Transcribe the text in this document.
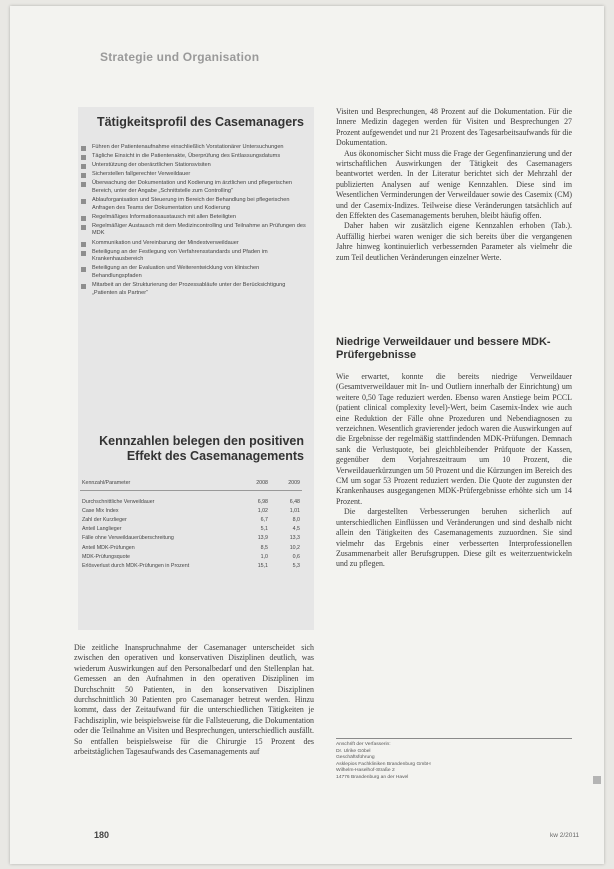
Strategie und Organisation
Tätigkeitsprofil des Casemanagers
Führen der Patientenaufnahme einschließlich Vorstationärer Untersuchungen
Tägliche Einsicht in die Patientenakte, Überprüfung des Entlassungsdatums
Unterstützung der oberärztlichen Stationsvisiten
Sicherstellen fallgerechter Verweildauer
Überwachung der Dokumentation und Kodierung im ärztlichen und pflegerischen Bereich, unter der Angabe „Schnittstelle zum Controlling“
Ablauforganisation und Steuerung im Bereich der Behandlung bei pflegerischen Anfragen des Teams der Dokumentation und Kodierung
Regelmäßiges Informationsaustausch mit allen Beteiligten
Regelmäßiger Austausch mit dem Medizincontrolling und Teilnahme an Prüfungen des MDK
Kommunikation und Vereinbarung der Mindestverweildauer
Beteiligung an der Festlegung von Verfahrensstandards und Pfaden im Krankenhausbereich
Beteiligung an der Evaluation und Weiterentwicklung von klinischen Behandlungspfaden
Mitarbeit an der Strukturierung der Prozessabläufe unter der Berücksichtigung „Patienten als Partner“
Kennzahlen belegen den positiven Effekt des Casemanagements
Kennzahl/Parameter	2008	2009
Durchschnittliche Verweildauer	6,98	6,48
Case Mix Index	1,02	1,01
Zahl der Kurzlieger	6,7	8,0
Anteil Langlieger	5,1	4,5
Fälle ohne Verweildauerüberschreitung	13,9	13,3
Anteil MDK-Prüfungen	8,5	10,2
MDK-Prüfungsquote	1,0	0,6
Erlösverlust durch MDK-Prüfungen in Prozent	15,1	5,3

Die zeitliche Inanspruchnahme der Casemanager unterscheidet sich zwischen den operativen und konservativen Disziplinen deutlich, was wiederum Auswirkungen auf den Personalbedarf und den Stellenplan hat. Gemessen an den Aufnahmen in den operativen Disziplinen im Durchschnitt 50 Patienten, in den konservativen Disziplinen durchschnittlich 30 Patienten pro Casemanager betreut werden. Hinzu kommt, dass der Zeitaufwand für die unterschiedlichen Tätigkeiten je Fachdisziplin, wie beispielsweise für die Fallsteuerung, die Dokumentation oder die Teilnahme an Visiten und Besprechungen, unterschiedlich ausfällt. So entfallen beispielsweise für die Chirurgie 15 Prozent des arbeitstäglichen Tagesaufwands des Casemanagements auf

Visiten und Besprechungen, 48 Prozent auf die Dokumentation. Für die Innere Medizin dagegen werden für Visiten und Besprechungen 27 Prozent aufgewendet und nur 21 Prozent des Tagesarbeitsaufwands für die Dokumentation.

Aus ökonomischer Sicht muss die Frage der Gegenfinanzierung und der wirtschaftlichen Auswirkungen der Tätigkeit des Casemanagers beantwortet werden. In der Literatur berichtet sich der Mehrzahl der publizierten Analysen auf wenige Kennzahlen. Diese sind im Wesentlichen Verminderungen der Verweildauer sowie des Casemix (CM) und der Casemix-Indizes. Teilweise diese Veränderungen tatsächlich auf den Effekten des Casemanagements beruhen, bleibt häufig offen.

Daher haben wir zusätzlich eigene Kennzahlen erhoben (Tab.). Auffällig hierbei waren weniger die sich bereits über die vergangenen Jahre hinweg kontinuierlich verbessernden Parameter als vielmehr die zum Teil deutlichen Veränderungen einzelner Werte.

Niedrige Verweildauer und bessere MDK-Prüfergebnisse

Wie erwartet, konnte die bereits niedrige Verweildauer (Gesamtverweildauer mit In- und Outliern innerhalb der Einrichtung) um weitere 0,50 Tage reduziert werden. Ebenso waren Anstiege beim PCCL (patient clinical complexity level)-Wert, beim Casemix-Index wie auch eine Reduktion der Fälle ohne Prozeduren und Nebendiagnosen zu verzeichnen. Wesentlich gravierender jedoch waren die Auswirkungen auf die Ergebnisse der regelmäßig stattfindenden MDK-Prüfungen. Demnach sank die Verlustquote, bei gleichbleibender Prüfquote der Kassen, gegenüber dem Vorjahreszeitraum um 10 Prozent, die Verweildauerkürzungen um 50 Prozent und die Kürzungen im Bereich des CM um sogar 53 Prozent reduziert werden. Die Quote der zugunsten der Krankenhauses ausgegangenen MDK-Prüfergebnisse erhöhte sich um 14 Prozent.

Die dargestellten Verbesserungen beruhen sicherlich auf unterschiedlichen Einflüssen und Veränderungen und sind deshalb nicht allein den Tätigkeiten des Casemanagements zuzuordnen. Sie sind vielmehr das Ergebnis einer verbesserten Interprofessionellen Zusammenarbeit aller Berufsgruppen. Diese gilt es weiterzuentwickeln und zu pflegen.

Anschrift der Verfasserin:
Dr. Ulrike Göbel
Geschäftsführung
Asklepios Fachkliniken Brandenburg GmbH
Wilhelm-Haselhof-Straße 2
14776 Brandenburg an der Havel
180	kw 2/2011
